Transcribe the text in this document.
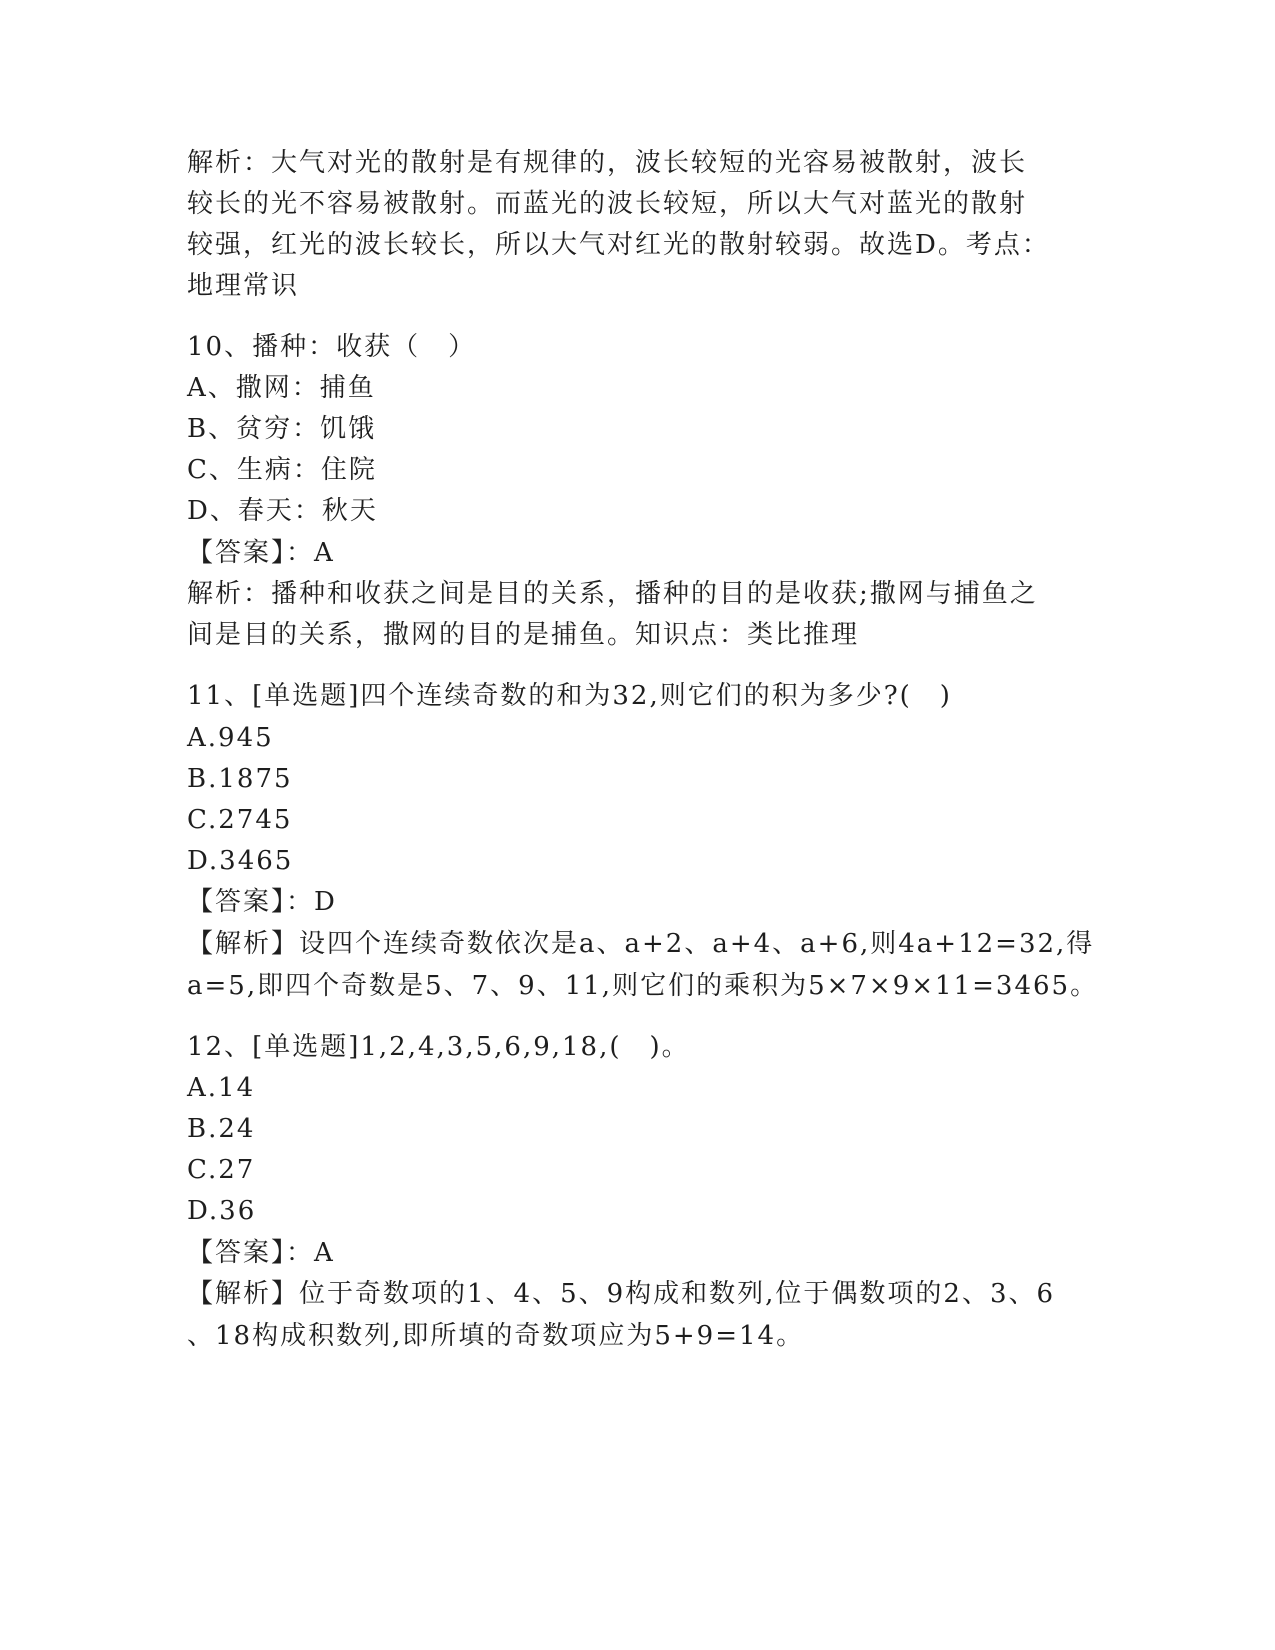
解析：大气对光的散射是有规律的，波长较短的光容易被散射，波长
较长的光不容易被散射。而蓝光的波长较短，所以大气对蓝光的散射
较强，红光的波长较长，所以大气对红光的散射较弱。故选D。考点：
地理常识
10、播种：收获（　）
A、撒网：捕鱼
B、贫穷：饥饿
C、生病：住院
D、春天：秋天
【答案】：A
解析：播种和收获之间是目的关系，播种的目的是收获;撒网与捕鱼之
间是目的关系，撒网的目的是捕鱼。知识点：类比推理
11、[单选题]四个连续奇数的和为32,则它们的积为多少?(　)
A.945
B.1875
C.2745
D.3465
【答案】：D
【解析】设四个连续奇数依次是a、a+2、a+4、a+6,则4a+12=32,得
a=5,即四个奇数是5、7、9、11,则它们的乘积为5×7×9×11=3465。
12、[单选题]1,2,4,3,5,6,9,18,(　)。
A.14
B.24
C.27
D.36
【答案】：A
【解析】位于奇数项的1、4、5、9构成和数列,位于偶数项的2、3、6
、18构成积数列,即所填的奇数项应为5+9=14。
